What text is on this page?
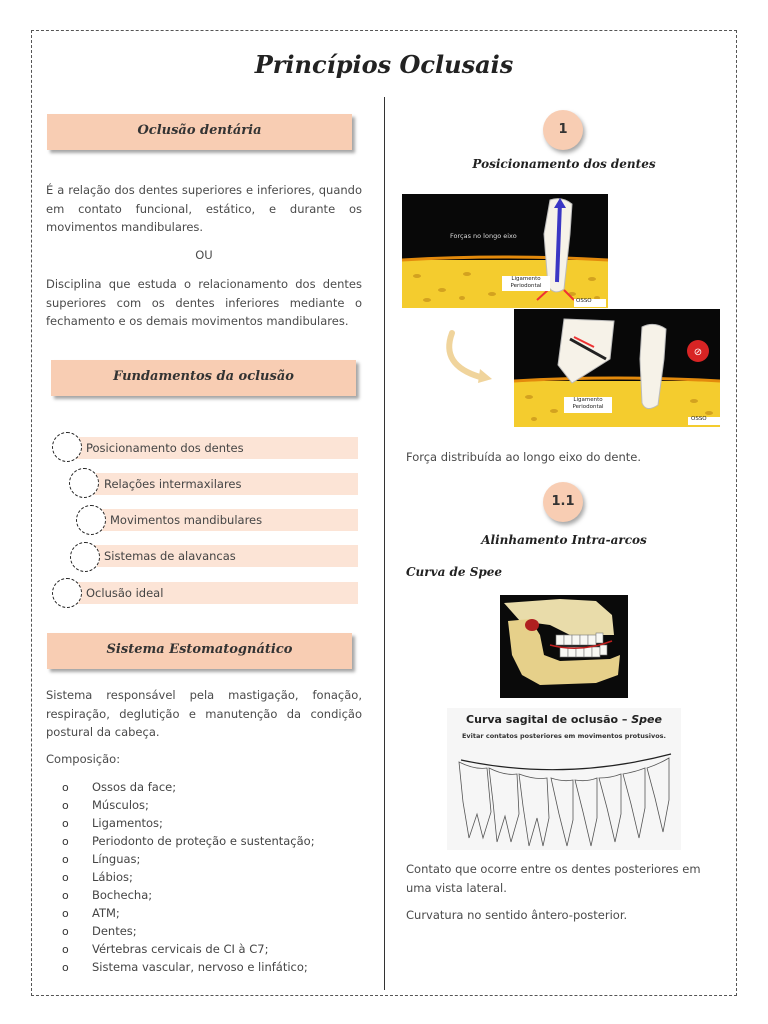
Princípios Oclusais
Oclusão dentária
É a relação dos dentes superiores e inferiores, quando em contato funcional, estático, e durante os movimentos mandibulares.
OU
Disciplina que estuda o relacionamento dos dentes superiores com os dentes inferiores mediante o fechamento e os demais movimentos mandibulares.
Fundamentos da oclusão
Posicionamento dos dentes
Relações intermaxilares
Movimentos mandibulares
Sistemas de alavancas
Oclusão ideal
Sistema Estomatognático
Sistema responsável pela mastigação, fonação, respiração, deglutição e manutenção da condição postural da cabeça.
Composição:
o Ossos da face;
o Músculos;
o Ligamentos;
o Periodonto de proteção e sustentação;
o Línguas;
o Lábios;
o Bochecha;
o ATM;
o Dentes;
o Vértebras cervicais de CI à C7;
o Sistema vascular, nervoso e linfático;
1
Posicionamento dos dentes
Forças no longo eixo
Ligamento Periodontal
OSSO
⊘
Ligamento Periodontal
OSSO
Força distribuída ao longo eixo do dente.
1.1
Alinhamento Intra-arcos
Curva de Spee
Curva sagital de oclusão – Spee
Evitar contatos posteriores em movimentos protusivos.
Contato que ocorre entre os dentes posteriores em uma vista lateral.
Curvatura no sentido ântero-posterior.
